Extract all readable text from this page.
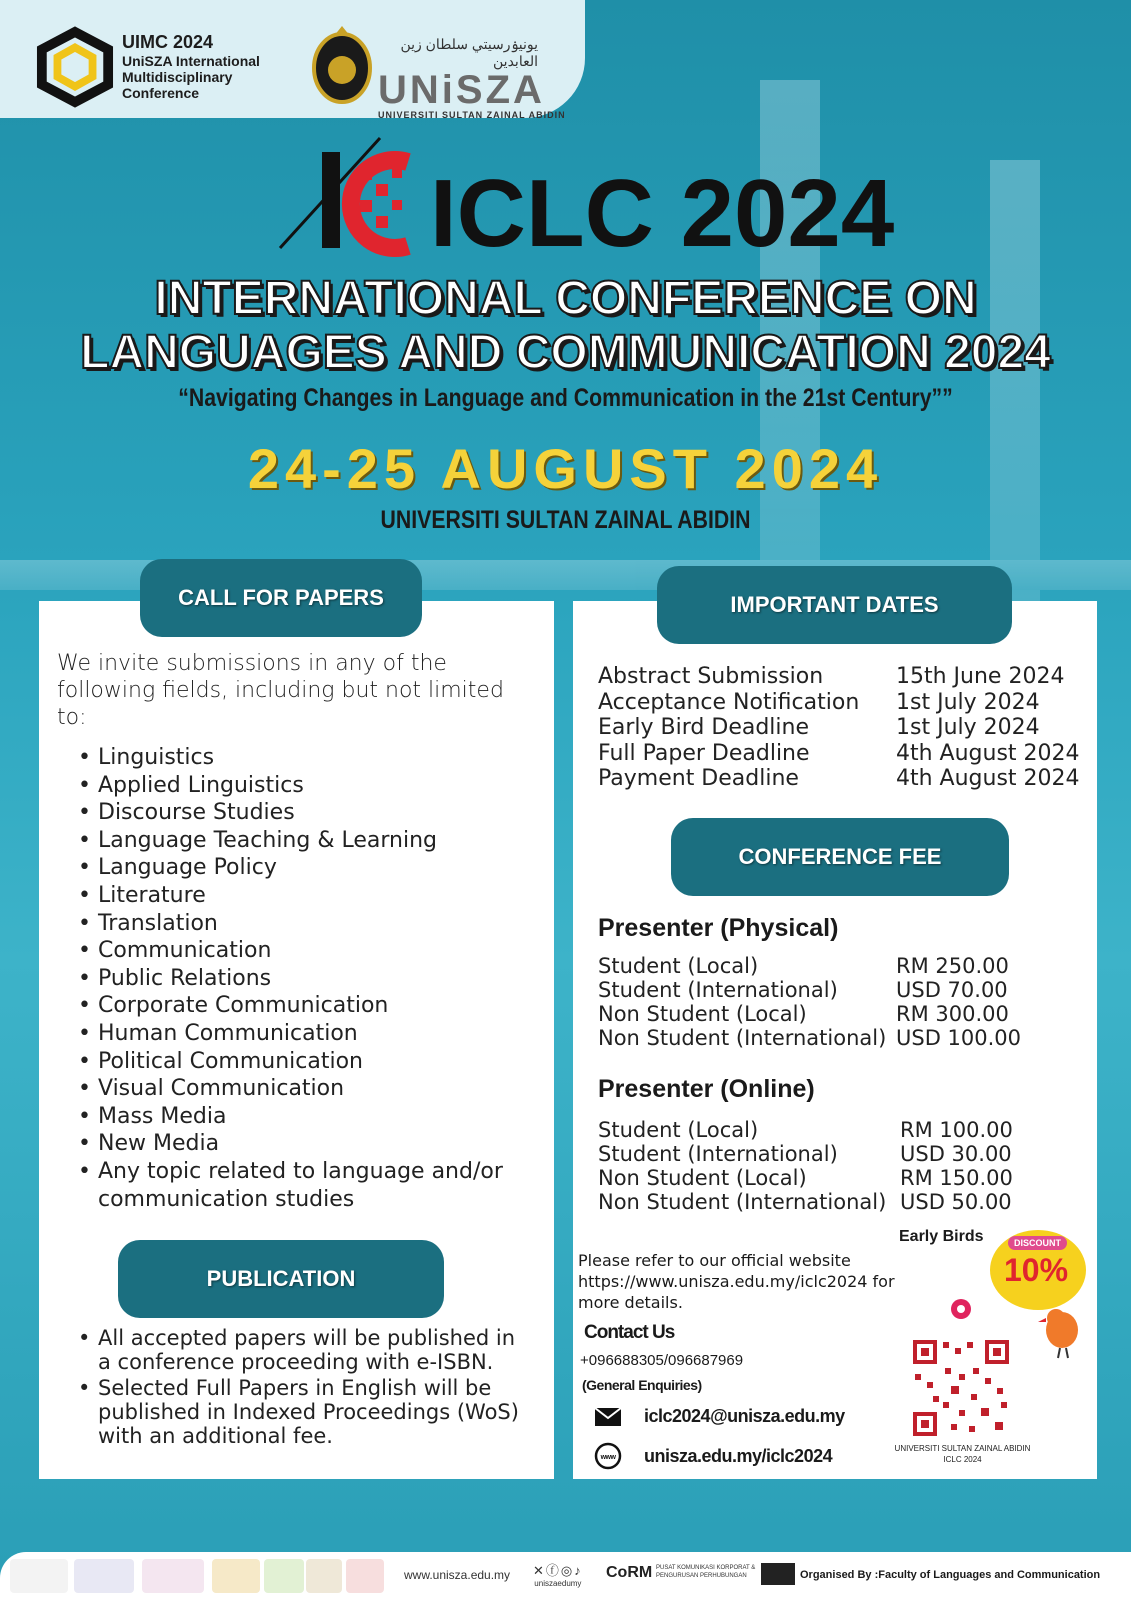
UIMC 2024
UniSZA International
Multidisciplinary
Conference
يونيۏرسيتي سلطان زين العابدين
UNiSZA
UNIVERSITI SULTAN ZAINAL ABIDIN
ICLC 2024
INTERNATIONAL CONFERENCE ON
LANGUAGES AND COMMUNICATION 2024
“Navigating Changes in Language and Communication in the 21st Century””
24-25 AUGUST 2024
UNIVERSITI SULTAN ZAINAL ABIDIN
CALL FOR PAPERS
We invite submissions in any of the following fields, including but not limited to:
• Linguistics
• Applied Linguistics
• Discourse Studies
• Language Teaching & Learning
• Language Policy
• Literature
• Translation
• Communication
• Public Relations
• Corporate Communication
• Human Communication
• Political Communication
• Visual Communication
• Mass Media
• New Media
• Any topic related to language and/or communication studies
PUBLICATION
• All accepted papers will be published in a conference proceeding with e-ISBN.
• Selected Full Papers in English will be published in Indexed Proceedings (WoS) with an additional fee.
IMPORTANT DATES
Abstract Submission	15th June 2024
Acceptance Notification	1st July 2024
Early Bird Deadline	1st July 2024
Full Paper Deadline	4th August 2024
Payment Deadline	4th August 2024
CONFERENCE FEE
Presenter (Physical)
Student (Local)	RM 250.00
Student (International)	USD 70.00
Non Student (Local)	RM 300.00
Non Student (International) USD 100.00
Presenter (Online)
Student (Local)	RM 100.00
Student (International)	USD 30.00
Non Student (Local)	RM 150.00
Non Student (International) USD 50.00
Early Birds	DISCOUNT
10%
Please refer to our official website https://www.unisza.edu.my/iclc2024 for more details.
Contact Us
+096688305/096687969
(General Enquiries)
iclc2024@unisza.edu.my
www unisza.edu.my/iclc2024	UNIVERSITI SULTAN ZAINAL ABIDIN
ICLC 2024
www.unisza.edu.my ✕ⓕ◎♪
uniszaedumy
CoRM PUSAT KOMUNIKASI KORPORAT & PENGURUSAN PERHUBUNGAN	Organised By :Faculty of Languages and Communication
